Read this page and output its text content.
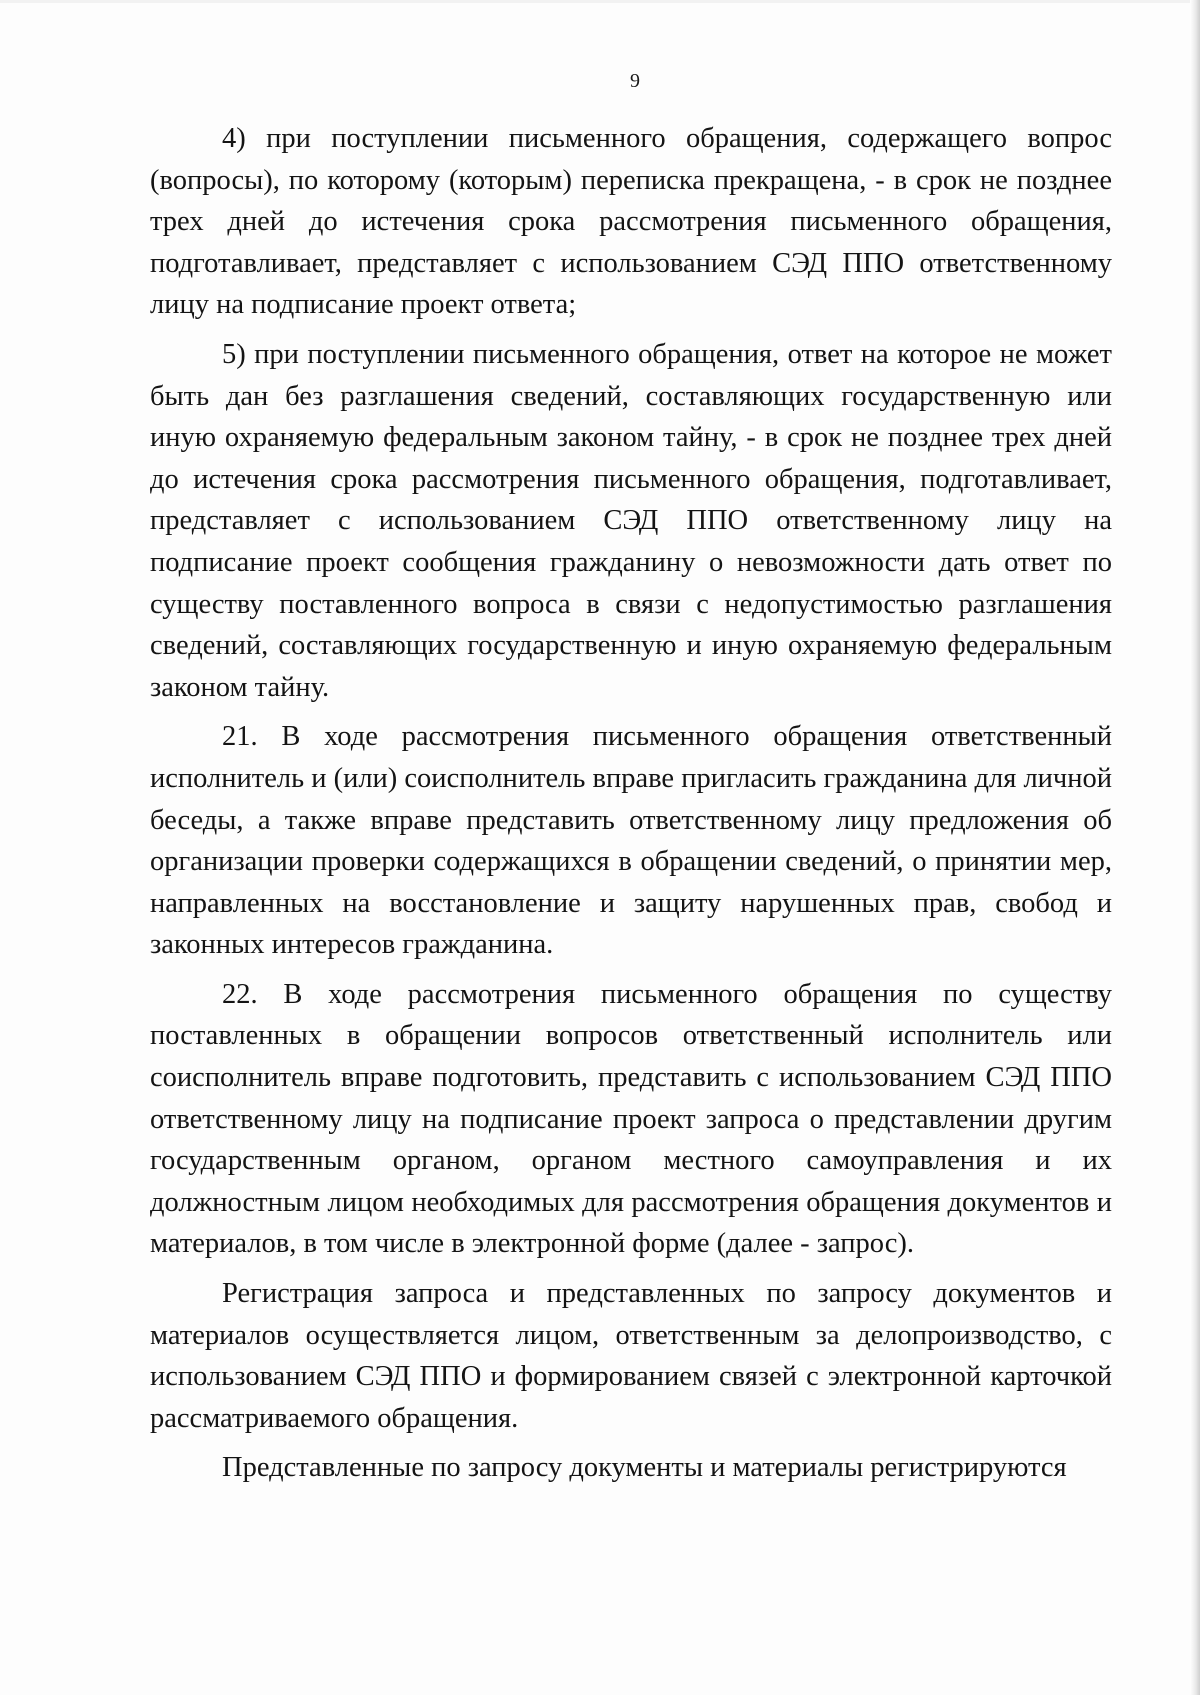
9

4) при поступлении письменного обращения, содержащего вопрос (вопросы), по которому (которым) переписка прекращена, - в срок не позднее трех дней до истечения срока рассмотрения письменного обращения, подготавливает, представляет с использованием СЭД ППО ответственному лицу на подписание проект ответа;

5) при поступлении письменного обращения, ответ на которое не может быть дан без разглашения сведений, составляющих государственную или иную охраняемую федеральным законом тайну, - в срок не позднее трех дней до истечения срока рассмотрения письменного обращения, подготавливает, представляет с использованием СЭД ППО ответственному лицу на подписание проект сообщения гражданину о невозможности дать ответ по существу поставленного вопроса в связи с недопустимостью разглашения сведений, составляющих государственную и иную охраняемую федеральным законом тайну.

21. В ходе рассмотрения письменного обращения ответственный исполнитель и (или) соисполнитель вправе пригласить гражданина для личной беседы, а также вправе представить ответственному лицу предложения об организации проверки содержащихся в обращении сведений, о принятии мер, направленных на восстановление и защиту нарушенных прав, свобод и законных интересов гражданина.

22. В ходе рассмотрения письменного обращения по существу поставленных в обращении вопросов ответственный исполнитель или соисполнитель вправе подготовить, представить с использованием СЭД ППО ответственному лицу на подписание проект запроса о представлении другим государственным органом, органом местного самоуправления и их должностным лицом необходимых для рассмотрения обращения документов и материалов, в том числе в электронной форме (далее - запрос).

Регистрация запроса и представленных по запросу документов и материалов осуществляется лицом, ответственным за делопроизводство, с использованием СЭД ППО и формированием связей с электронной карточкой рассматриваемого обращения.

Представленные по запросу документы и материалы регистрируются
